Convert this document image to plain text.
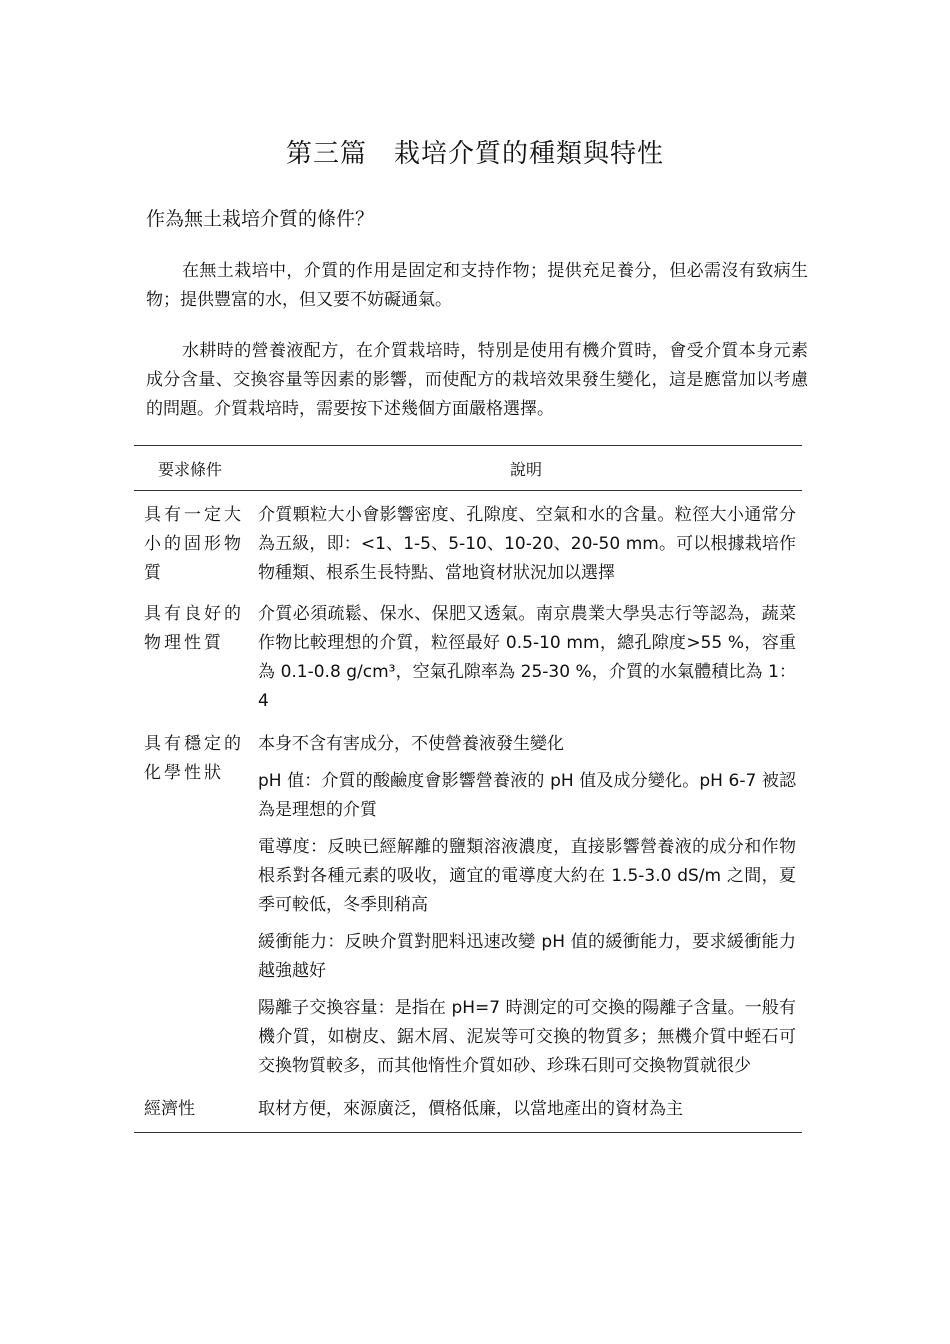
第三篇　栽培介質的種類與特性
作為無土栽培介質的條件？

在無土栽培中，介質的作用是固定和支持作物；提供充足養分，但必需沒有致病生物；提供豐富的水，但又要不妨礙通氣。

水耕時的營養液配方，在介質栽培時，特別是使用有機介質時，會受介質本身元素成分含量、交換容量等因素的影響，而使配方的栽培效果發生變化，這是應當加以考慮的問題。介質栽培時，需要按下述幾個方面嚴格選擇。

要求條件	說明
具有一定大小的固形物質

介質顆粒大小會影響密度、孔隙度、空氣和水的含量。粒徑大小通常分為五級，即：<1、1-5、5-10、10-20、20-50 mm。可以根據栽培作物種類、根系生長特點、當地資材狀況加以選擇

具有良好的物理性質

介質必須疏鬆、保水、保肥又透氣。南京農業大學吳志行等認為，蔬菜作物比較理想的介質，粒徑最好 0.5-10 mm，總孔隙度>55 %，容重為 0.1-0.8 g/cm³，空氣孔隙率為 25-30 %，介質的水氣體積比為 1：4

具有穩定的化學性狀

本身不含有害成分，不使營養液發生變化

pH 值：介質的酸鹼度會影響營養液的 pH 值及成分變化。pH 6-7 被認為是理想的介質

電導度：反映已經解離的鹽類溶液濃度，直接影響營養液的成分和作物根系對各種元素的吸收，適宜的電導度大約在 1.5-3.0 dS/m 之間，夏季可較低，冬季則稍高

緩衝能力：反映介質對肥料迅速改變 pH 值的緩衝能力，要求緩衝能力越強越好

陽離子交換容量：是指在 pH=7 時測定的可交換的陽離子含量。一般有機介質，如樹皮、鋸木屑、泥炭等可交換的物質多；無機介質中蛭石可交換物質較多，而其他惰性介質如砂、珍珠石則可交換物質就很少

經濟性	取材方便，來源廣泛，價格低廉，以當地產出的資材為主
